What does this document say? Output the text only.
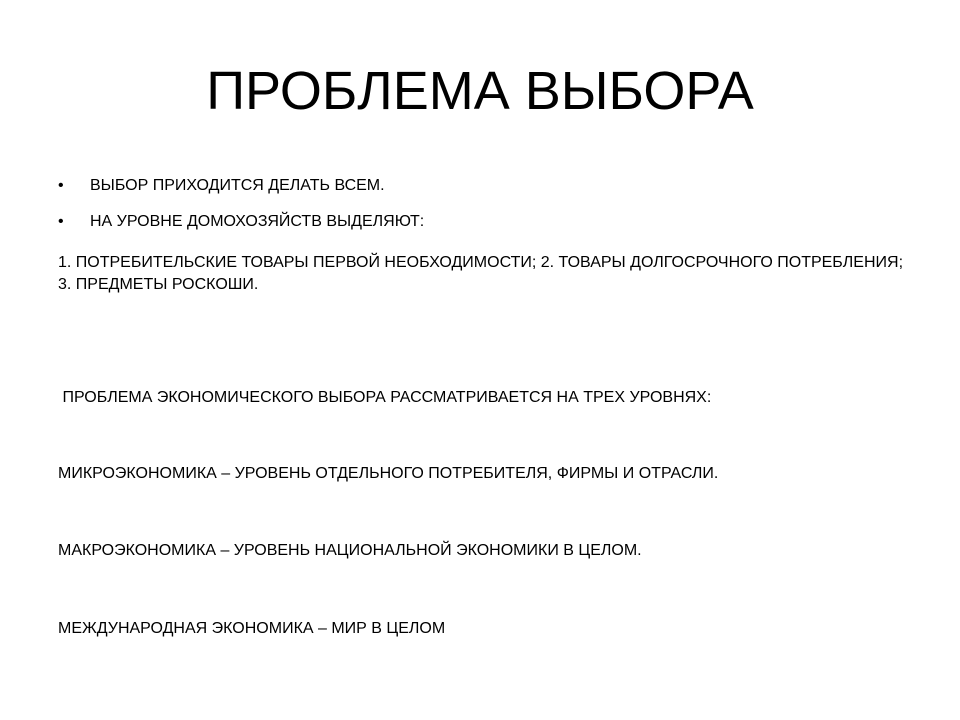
ПРОБЛЕМА ВЫБОРА
• ВЫБОР ПРИХОДИТСЯ ДЕЛАТЬ ВСЕМ.
• НА УРОВНЕ ДОМОХОЗЯЙСТВ ВЫДЕЛЯЮТ:
1. ПОТРЕБИТЕЛЬСКИЕ ТОВАРЫ ПЕРВОЙ НЕОБХОДИМОСТИ; 2. ТОВАРЫ ДОЛГОСРОЧНОГО ПОТРЕБЛЕНИЯ; 3. ПРЕДМЕТЫ РОСКОШИ.
ПРОБЛЕМА ЭКОНОМИЧЕСКОГО ВЫБОРА РАССМАТРИВАЕТСЯ НА ТРЕХ УРОВНЯХ:
МИКРОЭКОНОМИКА – УРОВЕНЬ ОТДЕЛЬНОГО ПОТРЕБИТЕЛЯ, ФИРМЫ И ОТРАСЛИ.
МАКРОЭКОНОМИКА – УРОВЕНЬ НАЦИОНАЛЬНОЙ ЭКОНОМИКИ В ЦЕЛОМ.
МЕЖДУНАРОДНАЯ ЭКОНОМИКА – МИР В ЦЕЛОМ
